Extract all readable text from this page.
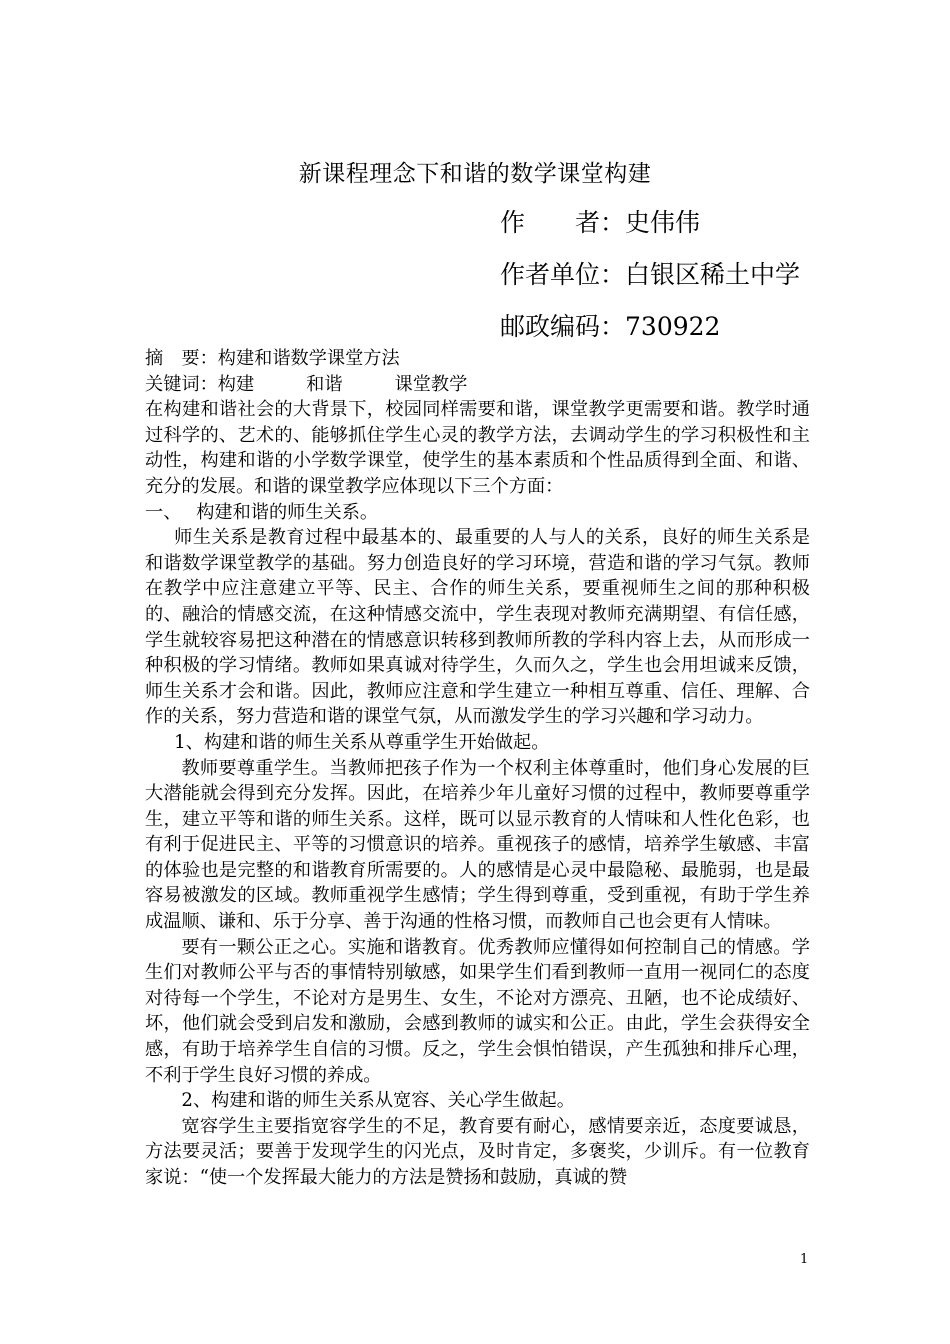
新课程理念下和谐的数学课堂构建
作　　者：史伟伟
作者单位：白银区稀土中学
邮政编码：730922

摘　要：构建和谐数学课堂方法

关键词：构建	和谐	课堂教学

在构建和谐社会的大背景下，校园同样需要和谐，课堂教学更需要和谐。教学时通过科学的、艺术的、能够抓住学生心灵的教学方法，去调动学生的学习积极性和主动性，构建和谐的小学数学课堂，使学生的基本素质和个性品质得到全面、和谐、充分的发展。和谐的课堂教学应体现以下三个方面：

一、　 构建和谐的师生关系。

师生关系是教育过程中最基本的、最重要的人与人的关系，良好的师生关系是和谐数学课堂教学的基础。努力创造良好的学习环境，营造和谐的学习气氛。教师在教学中应注意建立平等、民主、合作的师生关系，要重视师生之间的那种积极的、融洽的情感交流，在这种情感交流中，学生表现对教师充满期望、有信任感，学生就较容易把这种潜在的情感意识转移到教师所教的学科内容上去，从而形成一种积极的学习情绪。教师如果真诚对待学生，久而久之，学生也会用坦诚来反馈，师生关系才会和谐。因此，教师应注意和学生建立一种相互尊重、信任、理解、合作的关系，努力营造和谐的课堂气氛，从而激发学生的学习兴趣和学习动力。

1、构建和谐的师生关系从尊重学生开始做起。

教师要尊重学生。当教师把孩子作为一个权利主体尊重时，他们身心发展的巨大潜能就会得到充分发挥。因此，在培养少年儿童好习惯的过程中，教师要尊重学生，建立平等和谐的师生关系。这样，既可以显示教育的人情味和人性化色彩，也有利于促进民主、平等的习惯意识的培养。重视孩子的感情，培养学生敏感、丰富的体验也是完整的和谐教育所需要的。人的感情是心灵中最隐秘、最脆弱，也是最容易被激发的区域。教师重视学生感情；学生得到尊重，受到重视，有助于学生养成温顺、谦和、乐于分享、善于沟通的性格习惯，而教师自己也会更有人情味。

要有一颗公正之心。实施和谐教育。优秀教师应懂得如何控制自己的情感。学生们对教师公平与否的事情特别敏感，如果学生们看到教师一直用一视同仁的态度对待每一个学生，不论对方是男生、女生，不论对方漂亮、丑陋，也不论成绩好、坏，他们就会受到启发和激励，会感到教师的诚实和公正。由此，学生会获得安全感，有助于培养学生自信的习惯。反之，学生会惧怕错误，产生孤独和排斥心理，不利于学生良好习惯的养成。

2、构建和谐的师生关系从宽容、关心学生做起。

宽容学生主要指宽容学生的不足，教育要有耐心，感情要亲近，态度要诚恳，方法要灵活；要善于发现学生的闪光点，及时肯定，多褒奖，少训斥。有一位教育家说：“使一个发挥最大能力的方法是赞扬和鼓励，真诚的赞

1
